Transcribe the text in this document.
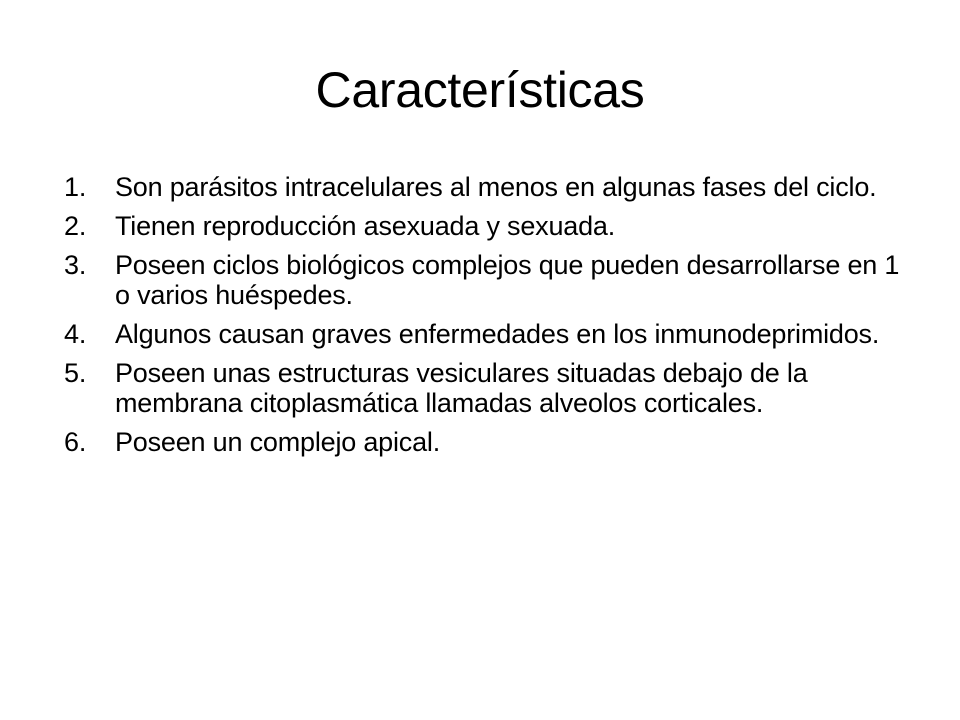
Características
1. Son parásitos intracelulares al menos en algunas fases del ciclo.
2. Tienen reproducción asexuada y sexuada.
3. Poseen ciclos biológicos complejos que pueden desarrollarse en 1 o varios huéspedes.
4. Algunos causan graves enfermedades en los inmunodeprimidos.
5. Poseen unas estructuras vesiculares situadas debajo de la membrana citoplasmática llamadas alveolos corticales.
6. Poseen un complejo apical.
